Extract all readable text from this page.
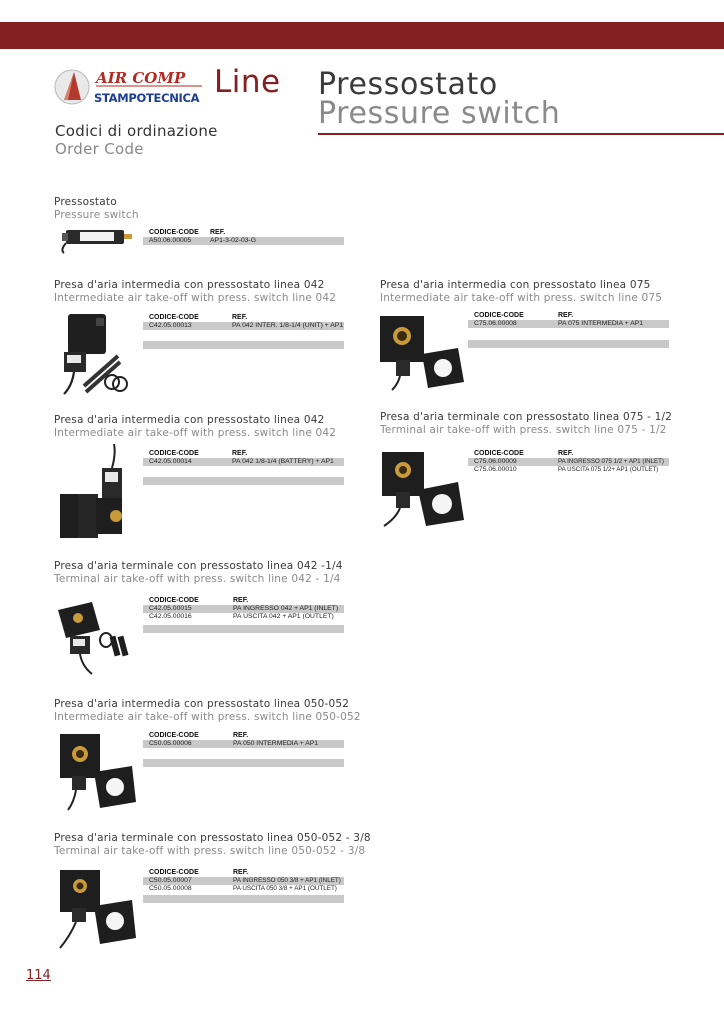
AIR COMP
STAMPOTECNICA Line Pressostato
Pressure switch
Codici di ordinazione
Order Code
Pressostato
Pressure switch
CODICE-CODE	REF.
A50.06.00005	AP1-3-02-03-G
Presa d'aria intermedia con pressostato linea 042
Intermediate air take-off with press. switch line 042
CODICE-CODE	REF.
C42.05.00013	PA 042 INTER. 1/8-1/4 (UNIT) + AP1
Presa d'aria intermedia con pressostato linea 075
Intermediate air take-off with press. switch line 075
CODICE-CODE	REF.
C75.06.00008	PA 075 INTERMEDIA + AP1
Presa d'aria intermedia con pressostato linea 042
Intermediate air take-off with press. switch line 042
CODICE-CODE	REF.
C42.05.00014	PA 042 1/8-1/4 (BATTERY) + AP1
Presa d'aria terminale con pressostato linea 075 - 1/2
Terminal air take-off with press. switch line 075 - 1/2
CODICE-CODE	REF.
C75.06.00009	PA INGRESSO 075 1/2 + AP1 (INLET)
C75.06.00010	PA USCITA 075 1/2+ AP1 (OUTLET)
Presa d'aria terminale con pressostato linea 042 -1/4
Terminal air take-off with press. switch line 042 - 1/4
CODICE-CODE	REF.
C42.05.00015	PA INGRESSO 042 + AP1 (INLET)
C42.05.00016	PA USCITA 042 + AP1 (OUTLET)
Presa d'aria intermedia con pressostato linea 050-052
Intermediate air take-off with press. switch line 050-052
CODICE-CODE	REF.
C50.05.00006	PA 050 INTERMEDIA + AP1
Presa d'aria terminale con pressostato linea 050-052 - 3/8
Terminal air take-off with press. switch line 050-052 - 3/8
CODICE-CODE	REF.
C50.05.00007	PA INGRESSO 050 3/8 + AP1 (INLET)
C50.05.00008	PA USCITA 050 3/8 + AP1 (OUTLET)
114
